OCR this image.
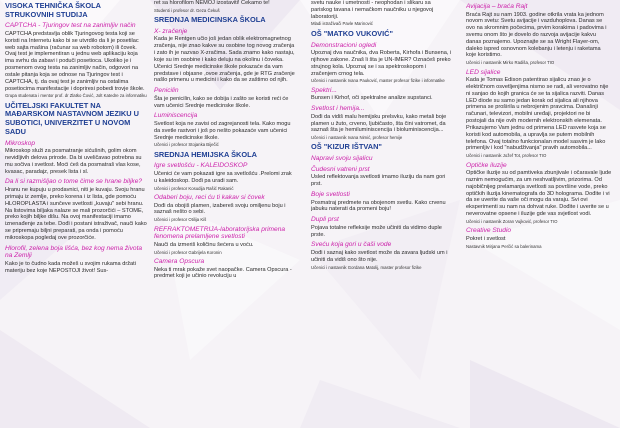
VISOKA TEHNIČKA ŠKOLA STRUKOVNIH STUDIJA
CAPTCHA - Tjuringov test na zanimljiv način

CAPTCHA predstavlja oblik Tjuringovog testa koji se koristi na Internetu kako bi se utvrdilo da li je posetilac web sajta mašina (računar sa web robotom) ili čovek. Ovaj test je implementiran u jednu web aplikaciju koja ima svrhu da zabavi i poduči posetioca. Ukoliko je i posmenom ovog testa na zanimljiv način, odgovori na ostale pitanja koja se odnose na Tjuringov test i CAPTCHA, tj. da ovaj test je zanimljiv na ostalima posetiocima manifestacije i dopriresi pobedi trovje škole.

Grupa studenata i mentor prof. dr Zlatko Čović, Jolt Katedre za informatiku
UČITELJSKI FAKULTET NA MAĐARSKOM NASTAVNOM JEZIKU U SUBOTICI, UNIVERZITET U NOVOM SADU
Mikroskop

Mikroskop služi za posmatranje sićušnih, golim okom nevidljivih delova prirode. Da bi uveličavao potrebna su mu sočiva i svetlost. Moći ćeš da posmatraš vlas kose, kvasac, paradajz, presek lista i sl.

Da li si razmišljao o tome čime se hrane biljke?

Hranu ne kupuju u prodavnici, niti je kuvaju. Svoju hranu primaju iz zemlje, preko korena i iz lista, gde pomoću HLOROPLASTA i sunčeve svetlosti „kuvaju" sebi hranu. Na listovima biljaka nalaze se mali prozorčići – STOME, preko kojih biljke dišu. Na ovoj manifestaciji imamo iznenađenje za tebe. Dođi i postani istraživač, nauči kako se pripremaju biljni preparati, pa onda i pomoću mikroskopa pogledaj ove prozorčiće.

Hlorofil, zelena boja lišća, bez kog nema života na Zemlji

Kako je to čudno kada možeš u svojim rukama držati materiju bez koje NEPOSTOJI život! Sus-

ret sa hlorofilom NEMOJ izostaviti! Čekamo te!

Studenti i profesor dr. Geza Čekuš
SREDNJA MEDICINSKA ŠKOLA
X- zračenje

Kada je Rentgen učio još jedan oblik elektromagnetnog zračenja, nije znao kakve su osobine tog novog zračenja i zato ih je nazvao X-zračima. Sada znamo kako nastaju, koje su im osobine i kako deluju na okolinu i čoveka. Učenici Srednje medicinske škole pokazaće da vam predstave i objasne ,ovoe zračenja, gde je RTG zračenje našlo primenu u medicini i kako da se zaštimo od njih.

Penicilin

Šta je penicilin, kako se dobija i zašto se koristi reći će vam učenici Srednje medicinske škole.

Luminiscencija

Svetlost koja ne zavisi od zagrejanosti tela. Kako mogu da svetle rastvori i još po nešto pokazaće vam učenici Srednje medicinske škole.

Učenici i profesor Stojanka Biječić
SREDNJA HEMIJSKA ŠKOLA
Igre svetlošću - KALEIDOSKOP

Učenici će vam pokazati igre sa svetlošću .Prelomi zrak u kaleidoskop. Dođi pa uradi sam.

Učenici i profesor Kosudija Rašić Rakanić
Odaberi boju, reci ću ti kakav si čovek

Dođi da obojiš plamen, izabereš svoju omiljenu boju i saznaš nešto o sebi.

Učenici i profesor Otilija Kiš
REFRAKTOMETRIJA-laboratorijska primena fenomena prelamljene svetlosti

Nauči da izmeriš količinu šećera u voću.

Učenici i profesor Gabrijela Koronin
Camera Opscura

Neka ti mrak pokaže svet naopačke. Camera Opscura - predmet koji je učinio revoluciju u

svetu nauke i umetnosti - neophodan i slikaru sa pariskog tavana i nemačkom naučniku u njegovoj laboratoriji.

Mladi istraživači Pavle Marinović
OŠ "MATKO VUKOVIĆ"
Demonstracioni ogledi

Upoznaj dva naučnika, dva Roberta, Kirhofa i Bunsena, i njihove zakone. Znaš li šta je UN-IMER? Oznaćeš preko strujnog kola. Upoznaj se i sa spektroskopom i zračenjem crnog tela.

Učenici i nastavnik Ivana Pauković, master profesor fizike i informatike
Spektri...

Bunsen i Kirhof, oči spektralne analize supstanci.

Svetlost i hemija...

Dođi da vidiš malu hemijsku prelsvku, kako metali boje plamen u žuto, crveno, ljubičasto, šta čini vatromet, da saznaš šta je hemiluminiscencija i bioluminiscencija...

Učenici i nastavnik Ivana Nimić, profesor hemije
OŠ "KIZUR IŠTVAN"
Napravi svoju sijalicu
Čudesni vatreni prst

Usled reflektovanja svetlosti imamo iluziju da nam gori prst.

Boje svetlosti

Posmatraj predmete na obojenom svetlu. Kako crvenu jabuku naterati da promeni boju!

Dupli prst

Pojava totalne refleksije može učiniti da vidimo duple prste.

Sveću koja gori u čaši vode

Dođi i saznaj kako svetlost može da zavara ljudski um i učiniti da vidiš ono što nije.

Učenici i nastavnik Gordana Matolij, master profesor fizike
Avijacija – braća Rajt

Braća Rajt su nam 1903. godine otkrila vrata ka jednom novom svetu: Svetu avijacije i vazduhoplova. Danas se ovo na skromnim počecima, prvim korakima i padovima i svemu onom što je dovelo do razvoja avijacije kakvu danas poznajemo. Upoznajte se sa Wright Flayer-om, daleko ispred osnovnom kolebanju i letenju i raketama koje koristimo.

Učenici i nastavnik Mirko Radiša, profesor TIO
LED sijalice

Kada je Tomas Edison patentirao sijalicu znao je o električnom osvetljenjima nismo se radi, ali verovatno nije ni sanjao do kojih granica će se ta sijalica razviti. Danas LED diode su samo jedan korak od sijalica ali njihova primena se proširila u nebrojenim pravcima. Današnji računari, televizori, mobilni uređaji, projektori ne bi postojali da nije ovih modernih elektronskih elemenata. Prikazujemo Vam jednu od primena LED rasvete koja se koristi kod automobila, a upravlja se putem mobilnih telefona. Ovaj totalno funkcionalan model sasvim je lako primenljiv i kod "nabudživanja" pravih automobila...

Učenici i nastavnik Jožef Tot, profesor TIO
Optičke iluzije

Optičke iluzije su od pamtiveka zbunjivale i očaravale ljude raznim nemogućim, za um neshvatljivim, prizorima. Od najobičnijeg prelamanja svetlosti sa površine vode, preko optičkih iluzija kinematografa do 3D holograma. Dođite i vi da se uverite da vaše oči mogu da varaju. Svi ovi eksperimenti su nam na dohvat ruke. Dođite i uverite se u neverovatne opsene i iluzije gde vas svjetlost vodi.

Učenici i nastavnik Zoran Vujković, profesor TIO
Creative Studio

Pokret i svetlost

Nastavnik Mirjana Perčić sa balerinama
